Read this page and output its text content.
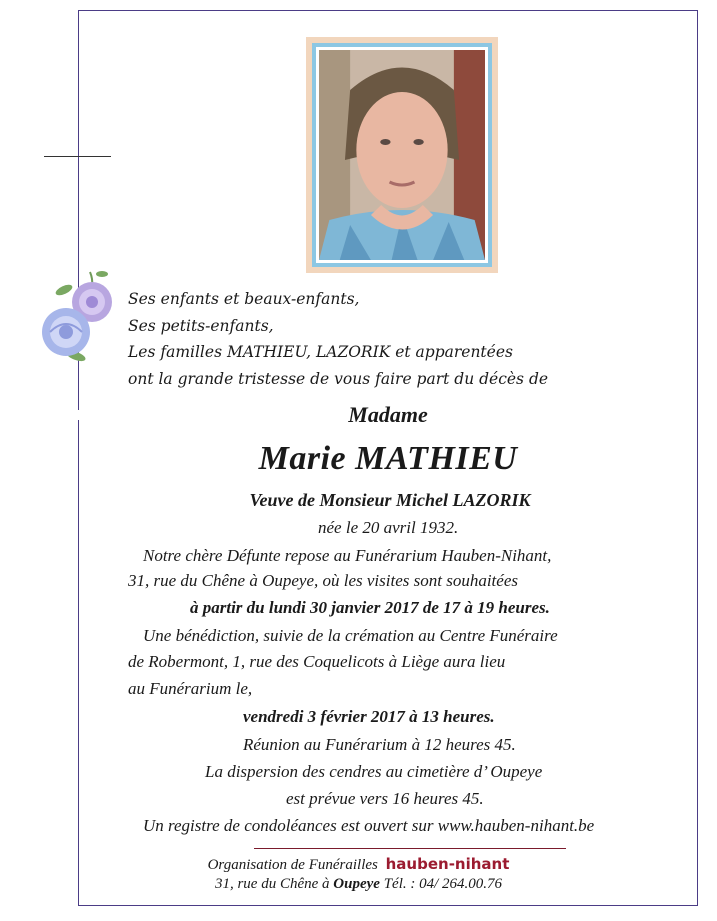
Ses enfants et beaux-enfants,
Ses petits-enfants,
Les familles MATHIEU, LAZORIK et apparentées
ont la grande tristesse de vous faire part du décès de
Madame
Marie MATHIEU
Veuve de Monsieur Michel LAZORIK
née le 20 avril 1932.
Notre chère Défunte repose au Funérarium Hauben-Nihant,
31, rue du Chêne à Oupeye, où les visites sont souhaitées
à partir du lundi 30 janvier 2017 de 17 à 19 heures.
Une bénédiction, suivie de la crémation au Centre Funéraire
de Robermont, 1, rue des Coquelicots à Liège aura lieu
au Funérarium le,
vendredi 3 février 2017 à 13 heures.
Réunion au Funérarium à 12 heures 45.
La dispersion des cendres au cimetière d’ Oupeye
est prévue vers 16 heures 45.
Un registre de condoléances est ouvert sur www.hauben-nihant.be
Organisation de Funérailles hauben-nihant
31, rue du Chêne à Oupeye Tél. : 04/ 264.00.76
